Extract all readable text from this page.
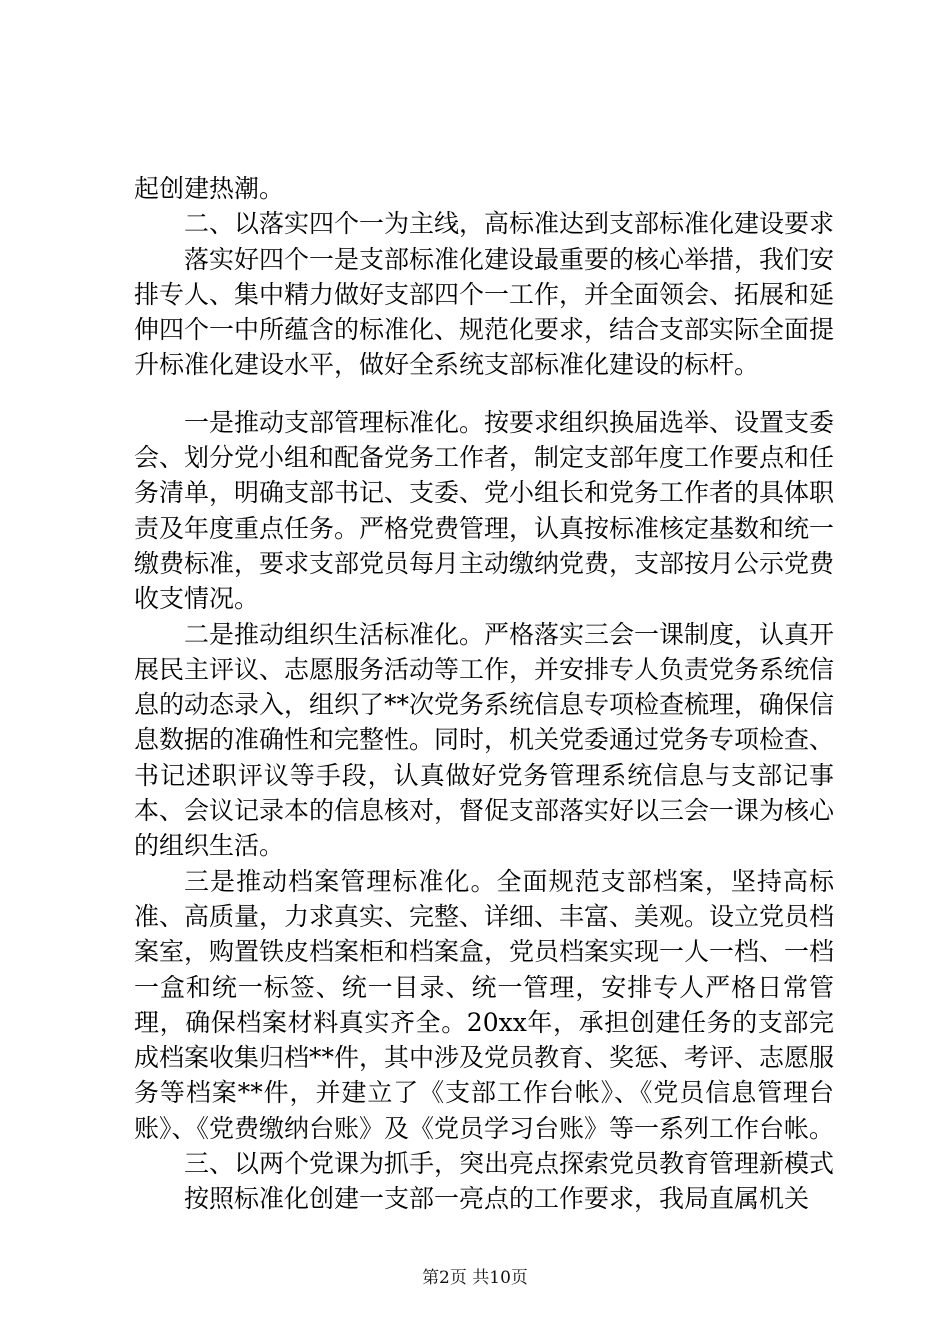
起创建热潮。

二、以落实四个一为主线，高标准达到支部标准化建设要求

落实好四个一是支部标准化建设最重要的核心举措，我们安排专人、集中精力做好支部四个一工作，并全面领会、拓展和延伸四个一中所蕴含的标准化、规范化要求，结合支部实际全面提升标准化建设水平，做好全系统支部标准化建设的标杆。

一是推动支部管理标准化。按要求组织换届选举、设置支委会、划分党小组和配备党务工作者，制定支部年度工作要点和任务清单，明确支部书记、支委、党小组长和党务工作者的具体职责及年度重点任务。严格党费管理，认真按标准核定基数和统一缴费标准，要求支部党员每月主动缴纳党费，支部按月公示党费收支情况。

二是推动组织生活标准化。严格落实三会一课制度，认真开展民主评议、志愿服务活动等工作，并安排专人负责党务系统信息的动态录入，组织了**次党务系统信息专项检查梳理，确保信息数据的准确性和完整性。同时，机关党委通过党务专项检查、书记述职评议等手段，认真做好党务管理系统信息与支部记事本、会议记录本的信息核对，督促支部落实好以三会一课为核心的组织生活。

三是推动档案管理标准化。全面规范支部档案，坚持高标准、高质量，力求真实、完整、详细、丰富、美观。设立党员档案室，购置铁皮档案柜和档案盒，党员档案实现一人一档、一档一盒和统一标签、统一目录、统一管理，安排专人严格日常管理，确保档案材料真实齐全。20xx年，承担创建任务的支部完成档案收集归档**件，其中涉及党员教育、奖惩、考评、志愿服务等档案**件，并建立了《支部工作台帐》、《党员信息管理台账》、《党费缴纳台账》及《党员学习台账》等一系列工作台帐。

三、以两个党课为抓手，突出亮点探索党员教育管理新模式

按照标准化创建一支部一亮点的工作要求，我局直属机关

第2页 共10页
